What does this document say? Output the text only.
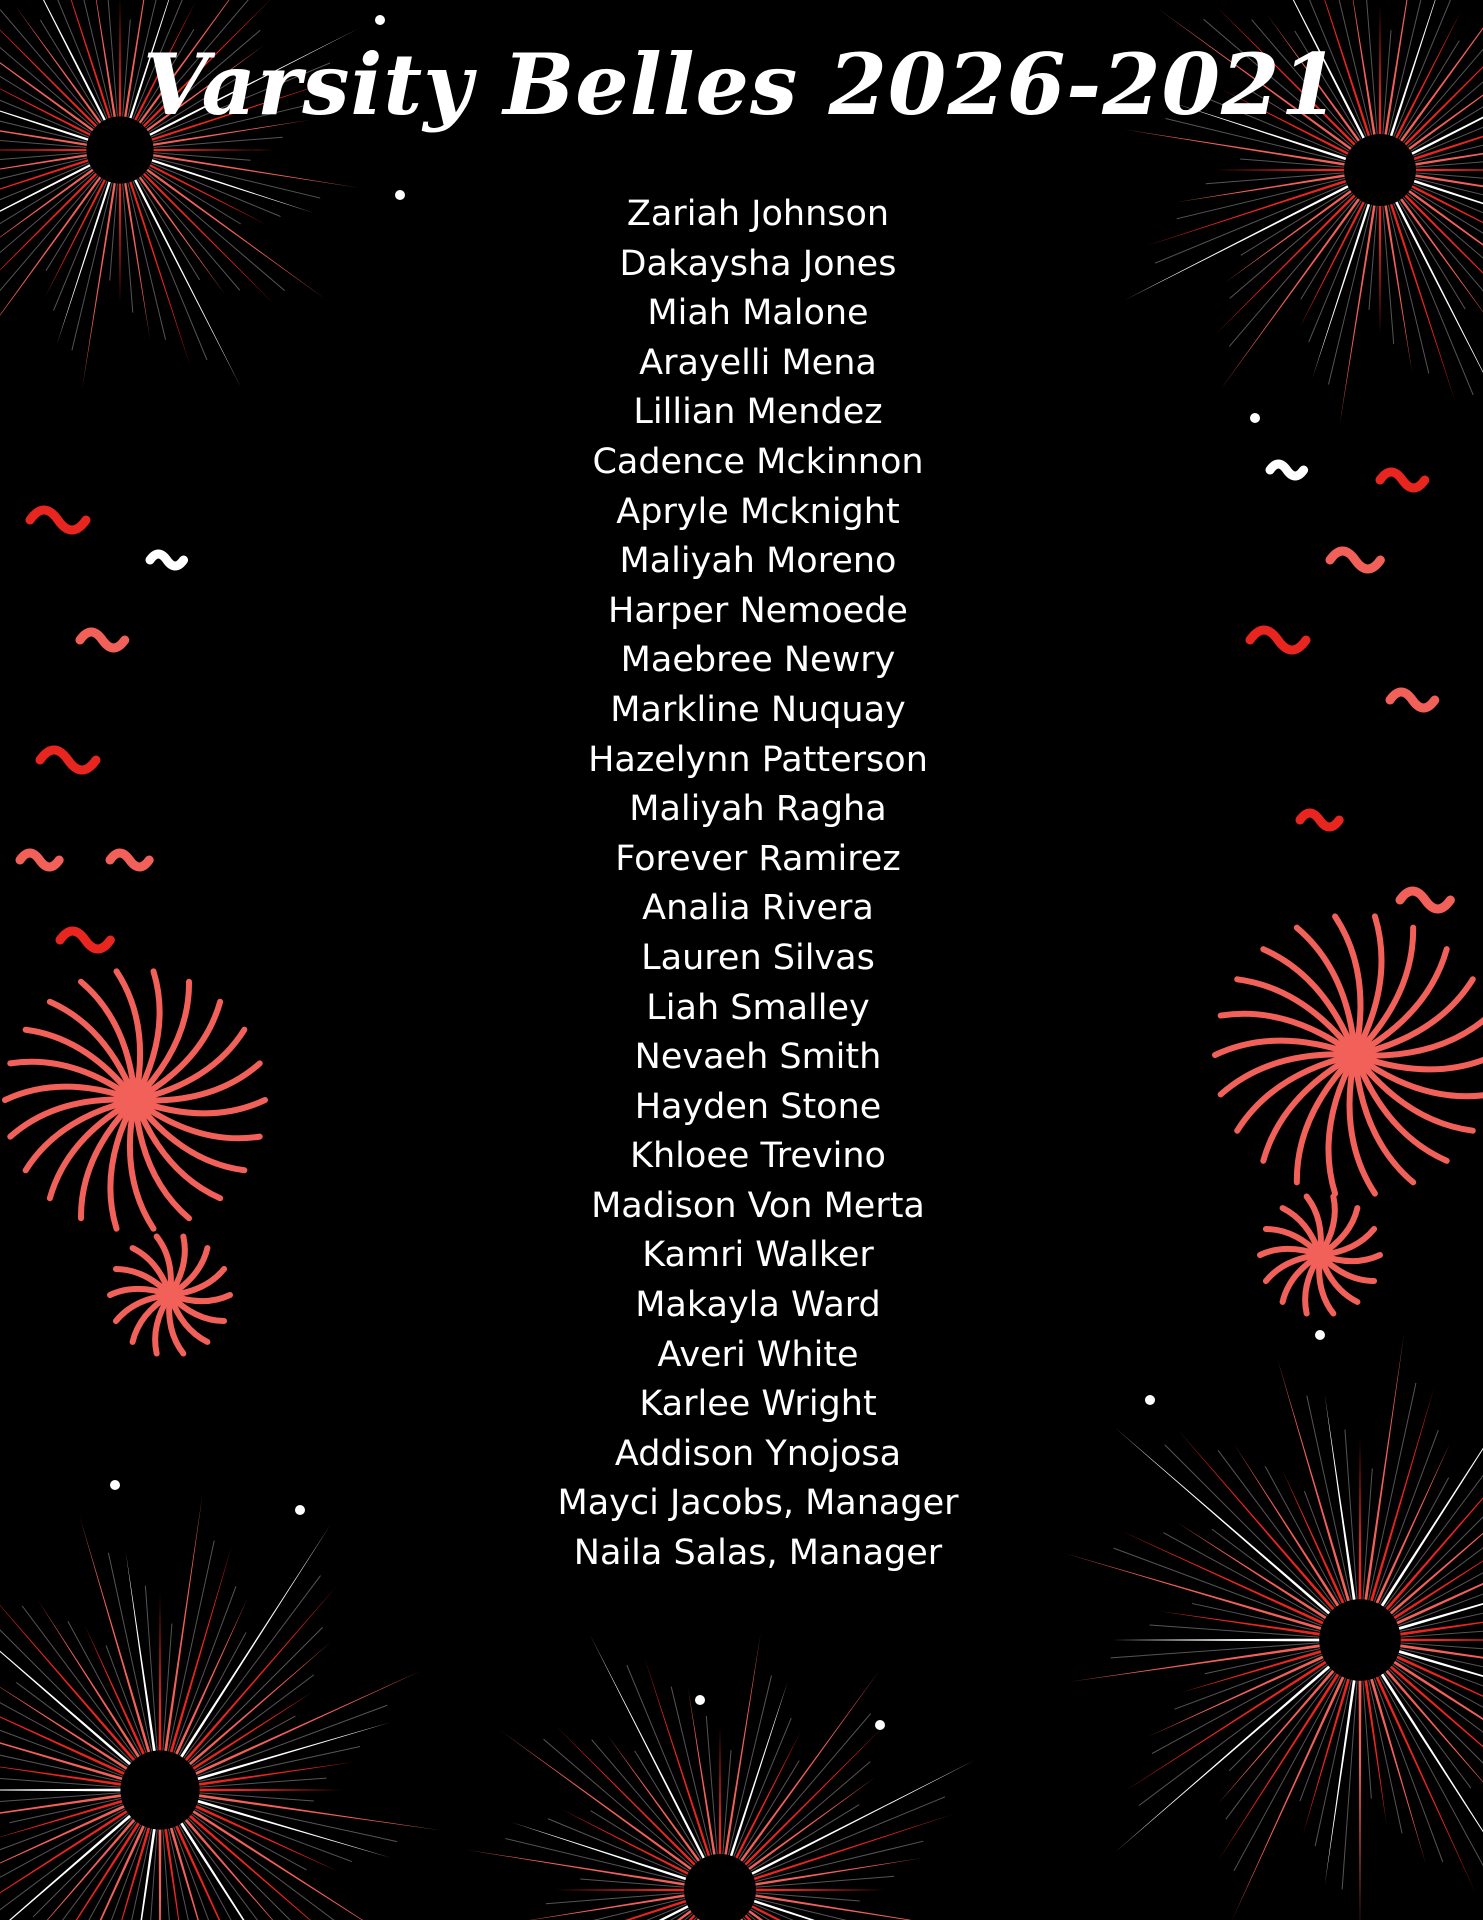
Varsity Belles 2026-2021
Zariah Johnson
Dakaysha Jones
Miah Malone
Arayelli Mena
Lillian Mendez
Cadence Mckinnon
Apryle Mcknight
Maliyah Moreno
Harper Nemoede
Maebree Newry
Markline Nuquay
Hazelynn Patterson
Maliyah Ragha
Forever Ramirez
Analia Rivera
Lauren Silvas
Liah Smalley
Nevaeh Smith
Hayden Stone
Khloee Trevino
Madison Von Merta
Kamri Walker
Makayla Ward
Averi White
Karlee Wright
Addison Ynojosa
Mayci Jacobs, Manager
Naila Salas, Manager
